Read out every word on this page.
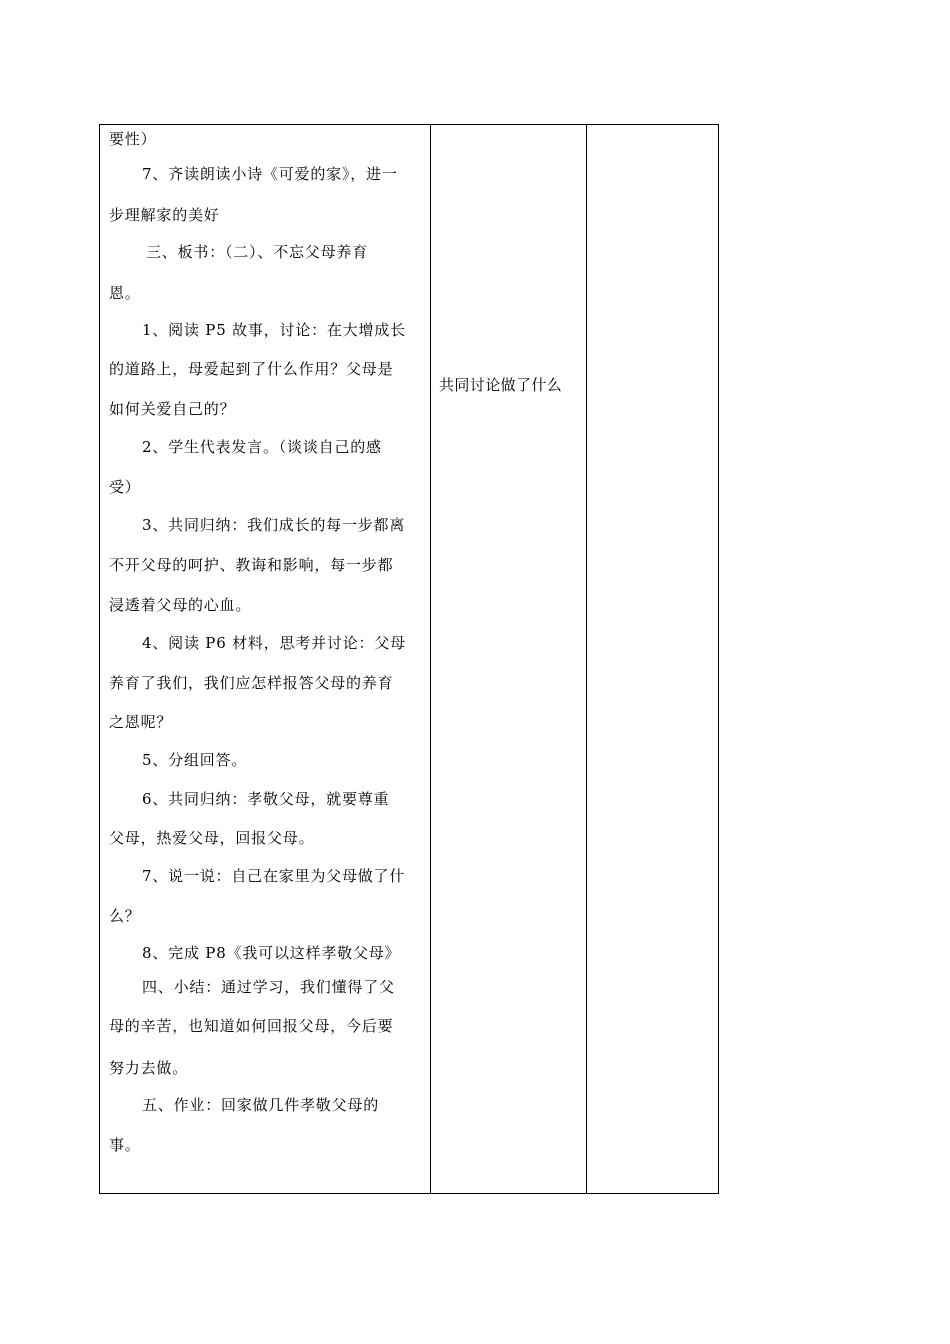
要性）
7、齐读朗读小诗《可爱的家》，进一
步理解家的美好
三、板书：（二）、不忘父母养育
恩。
1、阅读 P5 故事，讨论：在大增成长
的道路上，母爱起到了什么作用？父母是
如何关爱自己的？
2、学生代表发言。（谈谈自己的感
受）
3、共同归纳：我们成长的每一步都离
不开父母的呵护、教诲和影响，每一步都
浸透着父母的心血。
4、阅读 P6 材料，思考并讨论：父母
养育了我们，我们应怎样报答父母的养育
之恩呢？
5、分组回答。
6、共同归纳：孝敬父母，就要尊重
父母，热爱父母，回报父母。
7、说一说：自己在家里为父母做了什
么？
8、完成 P8《我可以这样孝敬父母》
四、小结：通过学习，我们懂得了父
母的辛苦，也知道如何回报父母，今后要
努力去做。
五、作业：回家做几件孝敬父母的
事。
共同讨论做了什么
